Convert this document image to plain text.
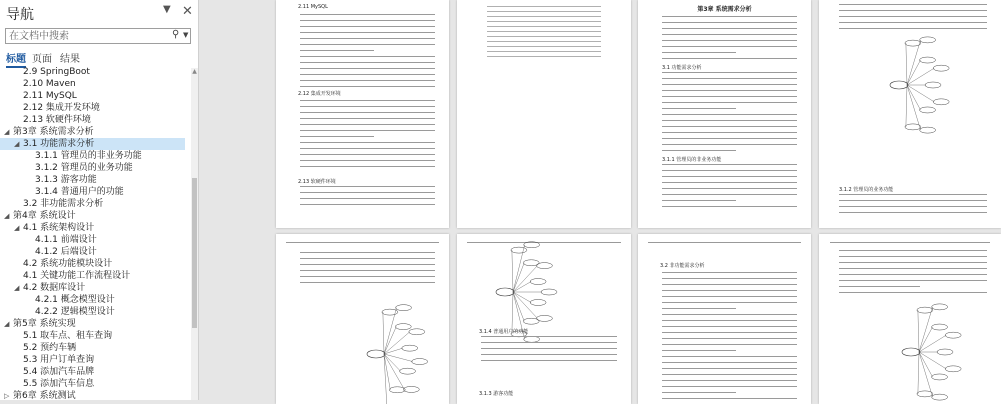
导航	▼ ✕
在文档中搜索
⚲ ▼
标题 页面 结果
2.9 SpringBoot
2.10 Maven
2.11 MySQL
2.12 集成开发环境
2.13 软硬件环境
◢ 第3章 系统需求分析
◢ 3.1 功能需求分析
3.1.1 管理员的非业务功能
3.1.2 管理员的业务功能
3.1.3 游客功能
3.1.4 普通用户的功能
3.2 非功能需求分析
◢ 第4章 系统设计
◢ 4.1 系统架构设计
4.1.1 前端设计
4.1.2 后端设计
4.2 系统功能模块设计
4.1 关键功能工作流程设计
◢ 4.2 数据库设计
4.2.1 概念模型设计
4.2.2 逻辑模型设计
◢ 第5章 系统实现
5.1 取车点、租车查询
5.2 预约车辆
5.3 用户订单查询
5.4 添加汽车品牌
5.5 添加汽车信息
▷ 第6章 系统测试
▲
2.11 MySQL
2.12 集成开发环境
2.13 软硬件环境
第3章 系统需求分析
3.1 功能需求分析
3.1.1 管理员的非业务功能
3.1.2 管理员的业务功能
3.1.4 普通用户的功能
3.1.3 游客功能
3.2 非功能需求分析
